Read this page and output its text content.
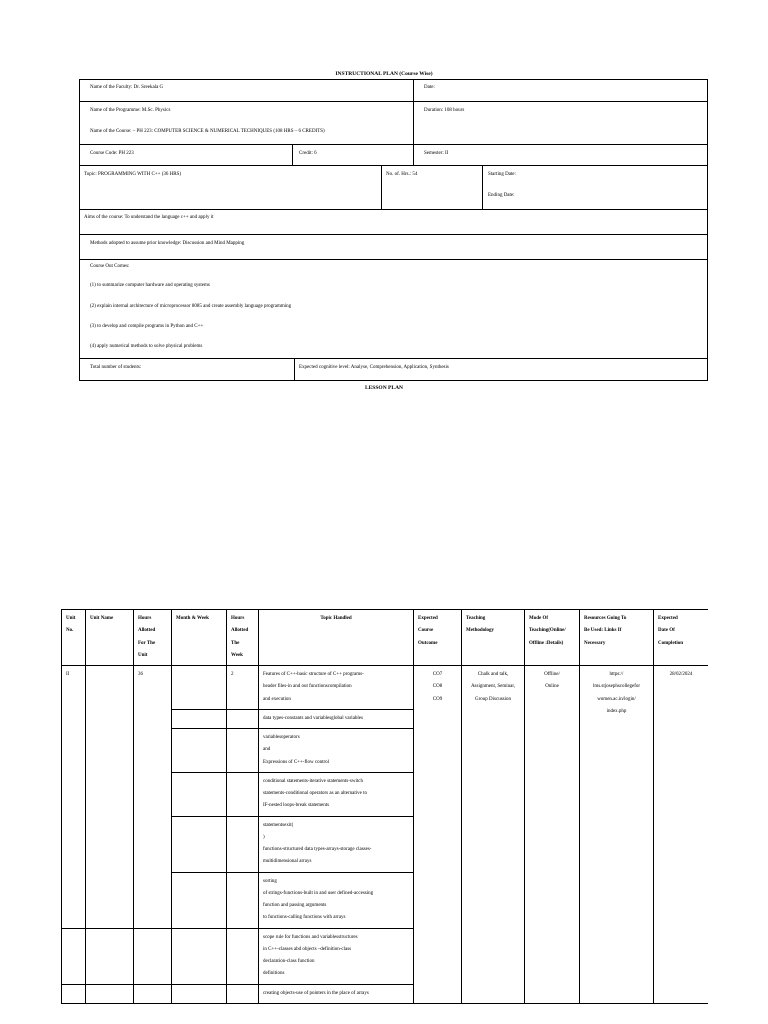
INSTRUCTIONAL PLAN (Course Wise)
Name of the Faculty: Dr. Sreekala G	Date:
Name of the Programme: M.Sc. Physics	Duration: 108 hours
Name of the Course: – PH 223: COMPUTER SCIENCE & NUMERICAL TECHNIQUES (108 HRS – 6 CREDITS)
Course Code: PH 223	Credit: 6	Semester: II
Topic: PROGRAMMING WITH C++ (36 HRS)	No. of. Hrs.: 54	Starting Date:
Ending Date:
Aims of the course: To understand the language c++ and apply it
Methods adopted to assume prior knowledge: Discussion and Mind Mapping
Course Out Comes:
(1) to summarize computer hardware and operating systems
(2) explain internal architecture of microprocessor 8085 and create assembly language programming
(3) to develop and compile programs in Python and C++
(4) apply numerical methods to solve physical problems
Total number of students:	Expected cognitive level: Analyse, Comprehension, Application, Synthesis
LESSON PLAN
Unit
No.	Unit Name	Hours
Allotted
For The
Unit	Month & Week	Hours
Allotted
The
Week	Topic Handled	Expected
Course
Outcome	Teaching
Methodology	Mode Of
Teaching(Online/
Offline :Details)	Resources Going To
Be Used: Links If
Necessary	Expected
Date Of
Completion

II		36		2	Features of C++-basic structure of C++ programs-
header files-in and out functionscompilation
and execution	CO7
CO8
CO9	Chalk and talk,
Assignment, Seminar,
Group Discussion	Offline/
Online	https://
lms.stjosephscollegefor
women.ac.in/login/
index.php	28/02/2024

					data types-constants and variablesglobal variables					

					variablesoperators
and
Expressions of C++-flow control					

					conditional statements-iterative statements-switch
statements-conditional operators as an alternative to
IF-nested loops-break statements					

					statementsexit(
)
functions-structured data types-arrays-storage classes-
multidimensional arrays					

					sorting
of strings-functions-built in and user defined-accessing
function and passing arguments
to functions-calling functions with arrays					

					scope rule for functions and variablesstructures
in C++-classes abd objects –definition-class
declaration-class function
definitions					

					creating objects-use of pointers in the place of arrays					
